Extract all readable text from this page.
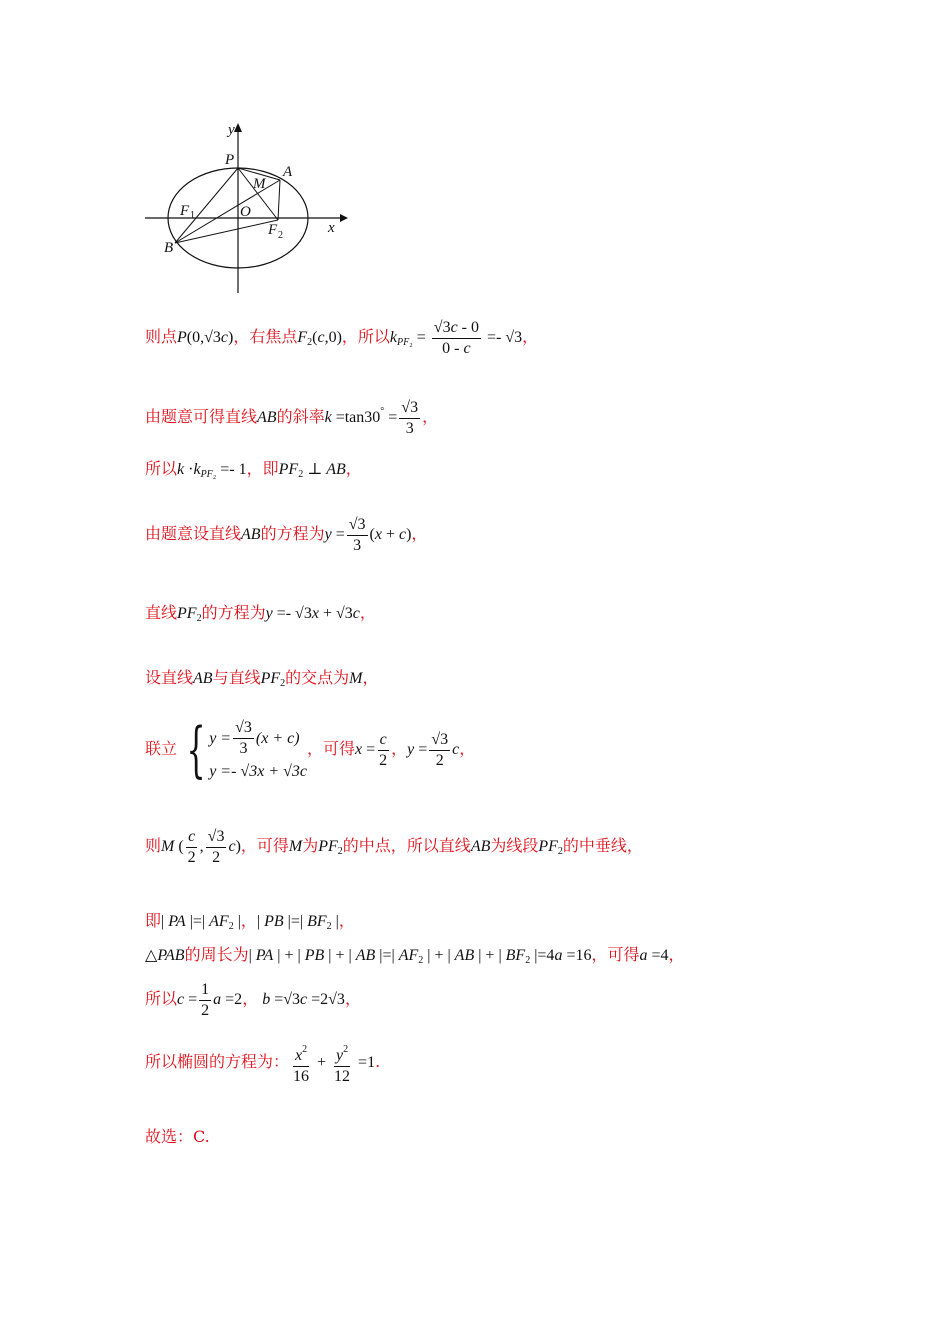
y
x
P
A
M
F 1	O
F 2
B
则点P(0,√3c)，右焦点$F_2(c,0)$，所以$k_{PF_2} = \frac{√3c - 0}{0 - c} =- √3$，
由题意可得直线AB的斜率$k =\tan 30^\circ = \frac{√3}{3}$ ，
所以$k \cdot k_{PF_2} =- 1$，即$PF_2$ ⊥ AB，
由题意设直线AB的方程为$y = \frac{√3}{3} (x + c)$，
直线$PF_2$的方程为y =- √3x + √3c，
设直线AB与直线$PF_2$的交点为M，
联立 { $y = \frac{√3}{3} (x + c)$
y =- √3x + √3c
，可得$x = \frac{c}{2}$ ，$y = \frac{√3}{2}$ c，
则M ( $\frac{c}{2}$ , $\frac{√3}{2} c$)，可得M为$PF_2$的中点，所以直线AB为线段$PF_2$的中垂线，
即| PA |=| $AF_2$ |，| PB |=| $BF_2$ |，
△PAB的周长为| PA | + | PB | + | AB |=| $AF_2$ | + | AB | + | $BF_2$ |=4a =16，可得a =4，
所以$c = \frac{1}{2}$ a =2， b =√3c =2√3，
所以椭圆的方程为： $\frac{x^2}{16} + \frac{y^2}{12} =1$.
故选：C.
